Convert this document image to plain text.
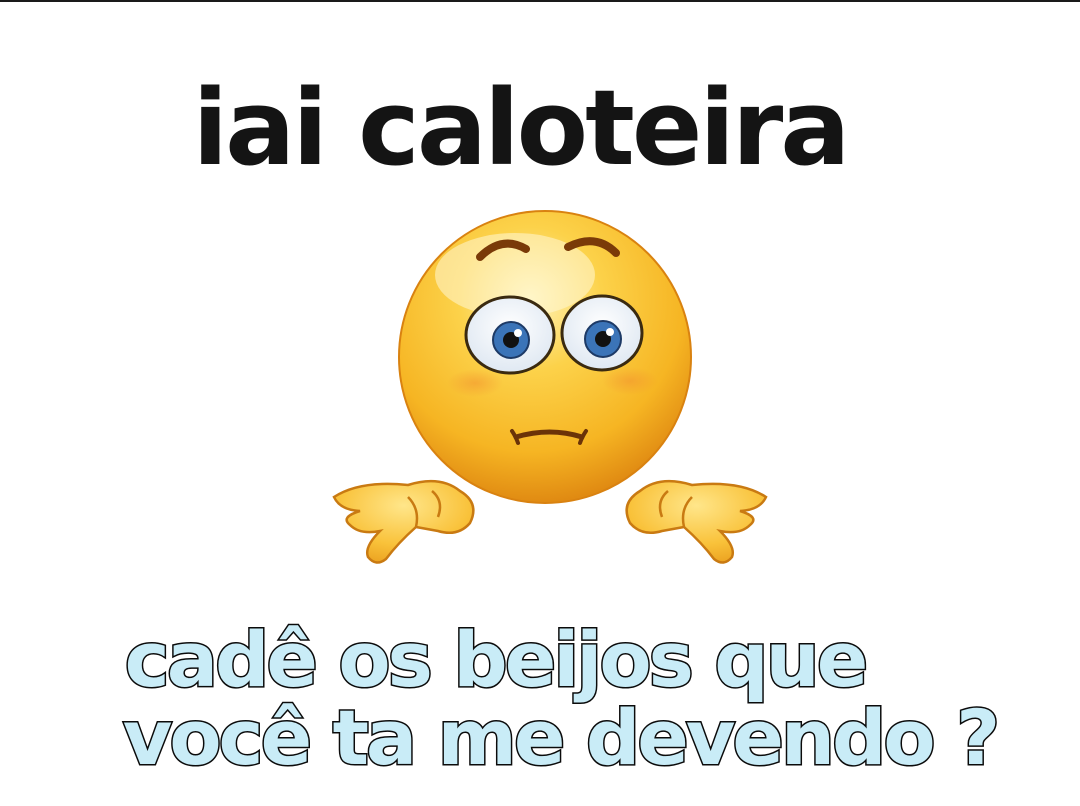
iai caloteira
cadê os beijos que
você ta me devendo ?
